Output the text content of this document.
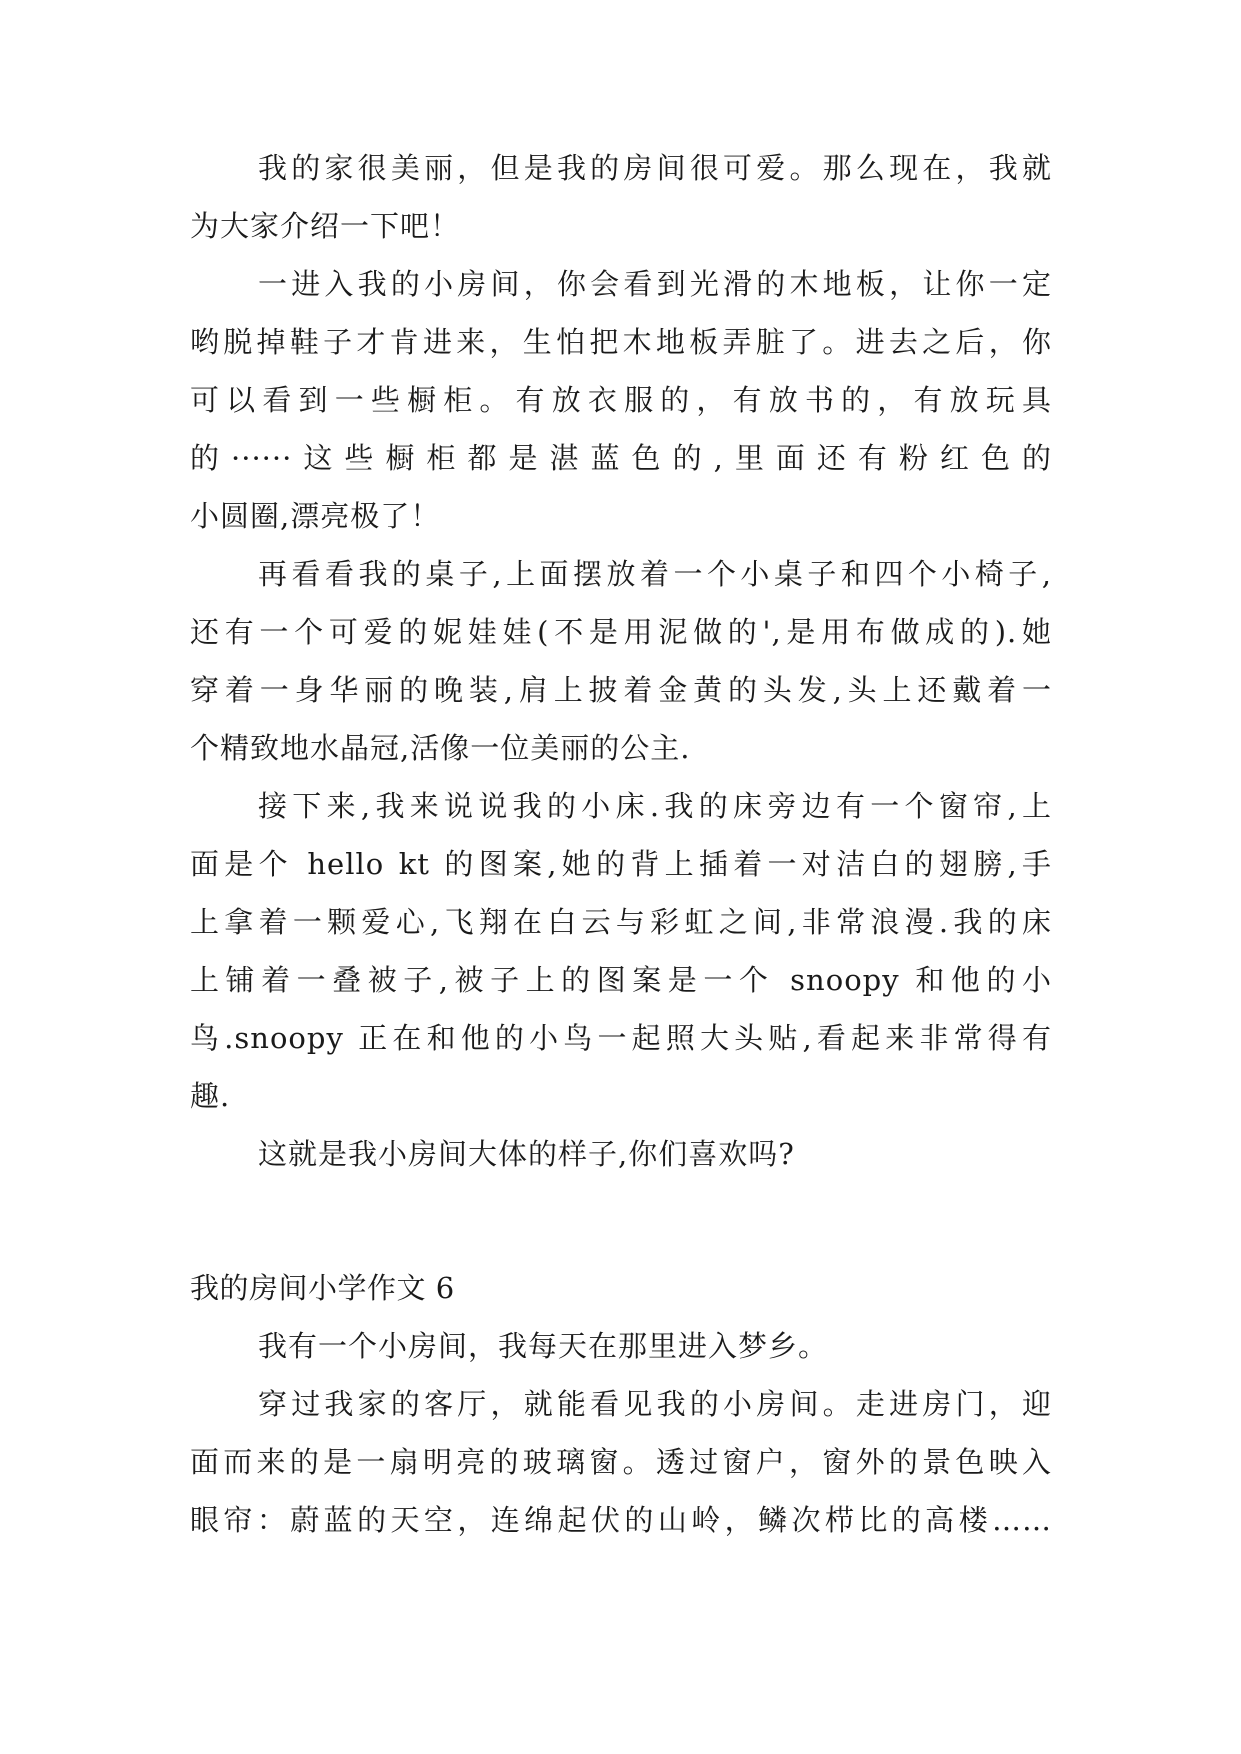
我的家很美丽，但是我的房间很可爱。那么现在，我就
为大家介绍一下吧！
一进入我的小房间，你会看到光滑的木地板，让你一定
哟脱掉鞋子才肯进来，生怕把木地板弄脏了。进去之后，你
可以看到一些橱柜。有放衣服的，有放书的，有放玩具
的······这些橱柜都是湛蓝色的,里面还有粉红色的
小圆圈,漂亮极了！
再看看我的桌子,上面摆放着一个小桌子和四个小椅子,
还有一个可爱的妮娃娃(不是用泥做的',是用布做成的).她
穿着一身华丽的晚装,肩上披着金黄的头发,头上还戴着一
个精致地水晶冠,活像一位美丽的公主.
接下来,我来说说我的小床.我的床旁边有一个窗帘,上
面是个 hello kt 的图案,她的背上插着一对洁白的翅膀,手
上拿着一颗爱心,飞翔在白云与彩虹之间,非常浪漫.我的床
上铺着一叠被子,被子上的图案是一个 snoopy 和他的小
鸟.snoopy 正在和他的小鸟一起照大头贴,看起来非常得有
趣.
这就是我小房间大体的样子,你们喜欢吗?
我的房间小学作文 6
我有一个小房间，我每天在那里进入梦乡。
穿过我家的客厅，就能看见我的小房间。走进房门，迎
面而来的是一扇明亮的玻璃窗。透过窗户，窗外的景色映入
眼帘：蔚蓝的天空，连绵起伏的山岭，鳞次栉比的高楼……
